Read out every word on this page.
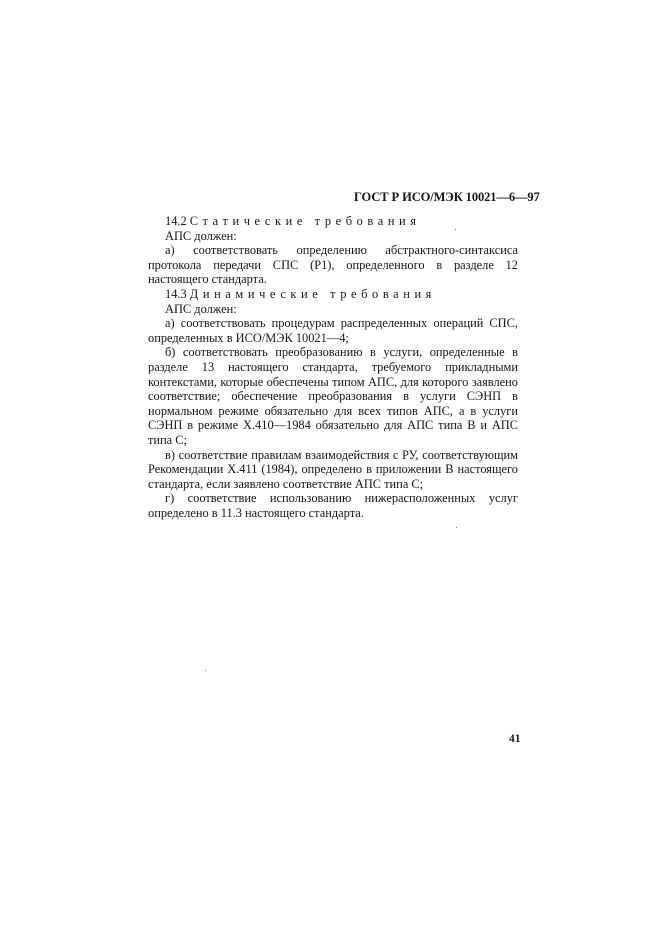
ГОСТ Р ИСО/МЭК 10021—6—97

14.2 Статические требования

АПС должен:

а) соответствовать определению абстрактного-синтаксиса протокола передачи СПС (P1), определенного в разделе 12 настоящего стандарта.

14.3 Динамические требования

АПС должен:

а) соответствовать процедурам распределенных операций СПС, определенных в ИСО/МЭК 10021—4;

б) соответствовать преобразованию в услуги, определенные в разделе 13 настоящего стандарта, требуемого прикладными контекстами, которые обеспечены типом АПС, для которого заявлено соответствие; обеспечение преобразования в услуги СЭНП в нормальном режиме обязательно для всех типов АПС, а в услуги СЭНП в режиме X.410—1984 обязательно для АПС типа В и АПС типа С;

в) соответствие правилам взаимодействия с РУ, соответствующим Рекомендации X.411 (1984), определено в приложении В настоящего стандарта, если заявлено соответствие АПС типа С;

г) соответствие использованию нижерасположенных услуг определено в 11.3 настоящего стандарта.

41
